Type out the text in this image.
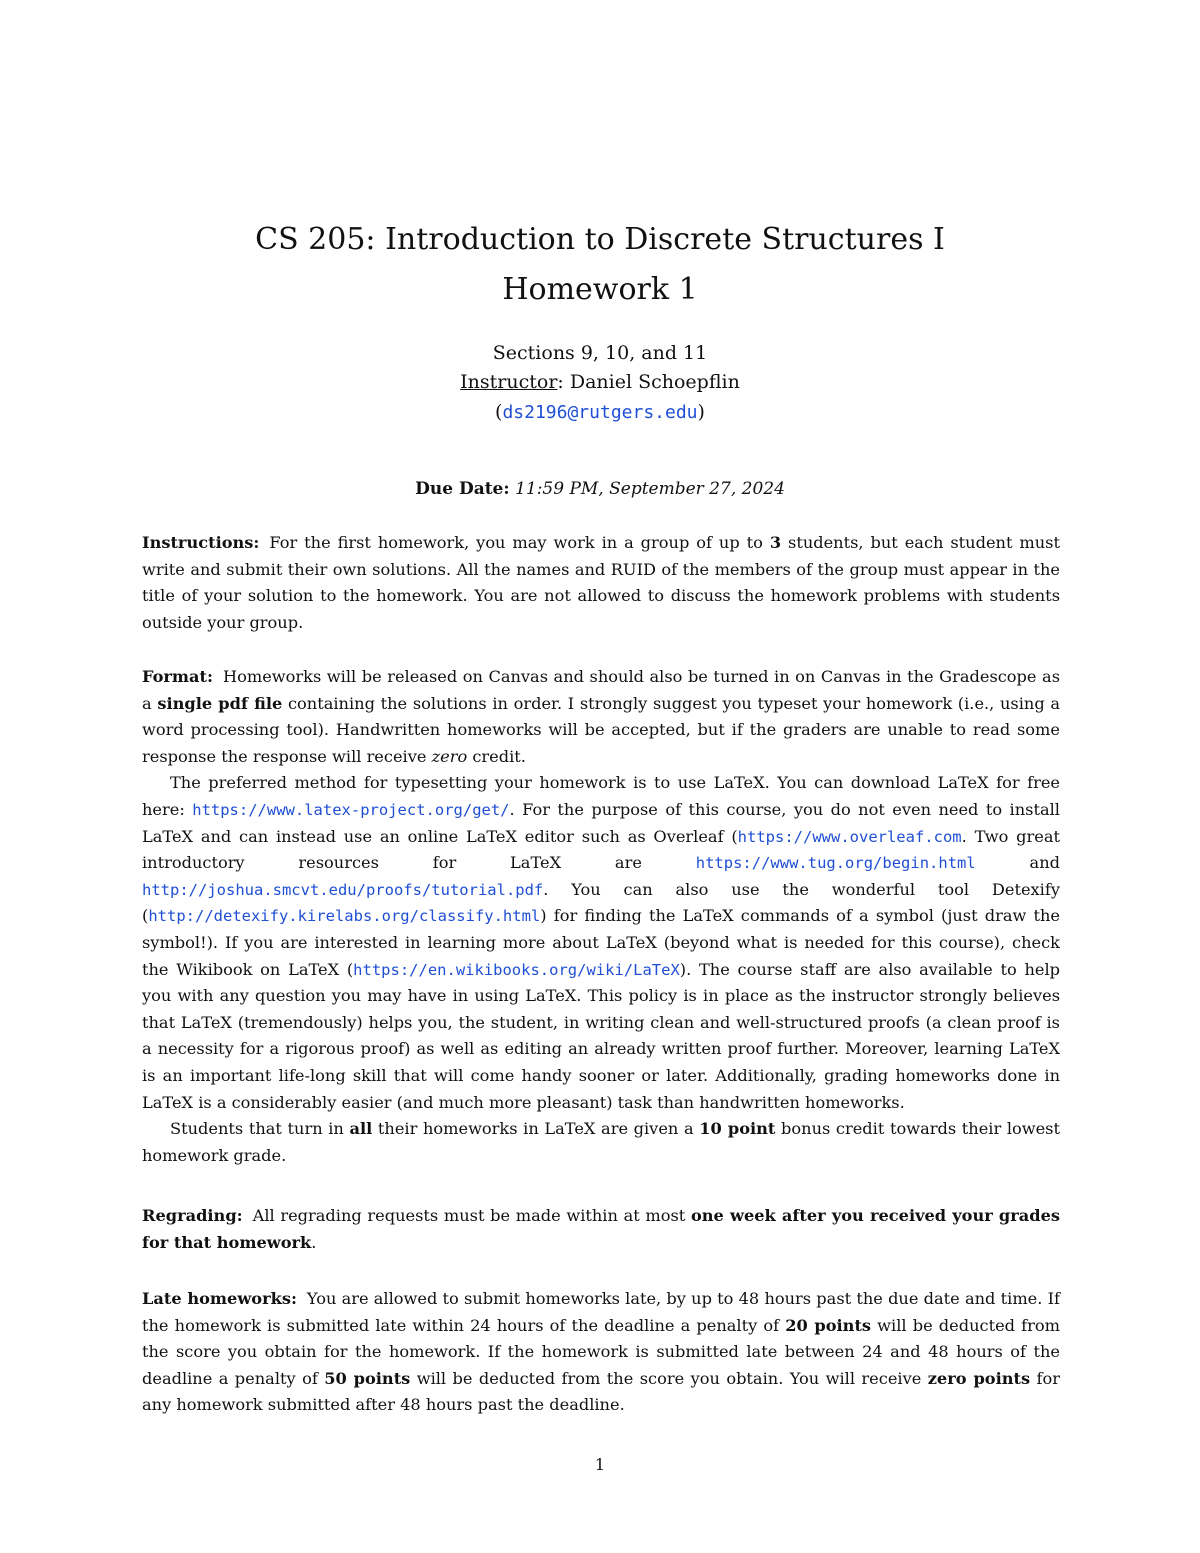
CS 205: Introduction to Discrete Structures I
Homework 1
Sections 9, 10, and 11
Instructor: Daniel Schoepflin
(ds2196@rutgers.edu)
Due Date: 11:59 PM, September 27, 2024

Instructions: For the first homework, you may work in a group of up to 3 students, but each student must write and submit their own solutions. All the names and RUID of the members of the group must appear in the title of your solution to the homework. You are not allowed to discuss the homework problems with students outside your group.

Format: Homeworks will be released on Canvas and should also be turned in on Canvas in the Gradescope as a single pdf file containing the solutions in order. I strongly suggest you typeset your homework (i.e., using a word processing tool). Handwritten homeworks will be accepted, but if the graders are unable to read some response the response will receive zero credit.

The preferred method for typesetting your homework is to use LaTeX. You can download LaTeX for free here: https://www.latex-project.org/get/. For the purpose of this course, you do not even need to install LaTeX and can instead use an online LaTeX editor such as Overleaf (https://www.overleaf.com. Two great introductory resources for LaTeX are https://www.tug.org/begin.html and http://joshua.smcvt.edu/proofs/tutorial.pdf. You can also use the wonderful tool Detexify (http://detexify.kirelabs.org/classify.html) for finding the LaTeX commands of a symbol (just draw the symbol!). If you are interested in learning more about LaTeX (beyond what is needed for this course), check the Wikibook on LaTeX (https://en.wikibooks.org/wiki/LaTeX). The course staff are also available to help you with any question you may have in using LaTeX. This policy is in place as the instructor strongly believes that LaTeX (tremendously) helps you, the student, in writing clean and well-structured proofs (a clean proof is a necessity for a rigorous proof) as well as editing an already written proof further. Moreover, learning LaTeX is an important life-long skill that will come handy sooner or later. Additionally, grading homeworks done in LaTeX is a considerably easier (and much more pleasant) task than handwritten homeworks.

Students that turn in all their homeworks in LaTeX are given a 10 point bonus credit towards their lowest homework grade.

Regrading: All regrading requests must be made within at most one week after you received your grades for that homework.

Late homeworks: You are allowed to submit homeworks late, by up to 48 hours past the due date and time. If the homework is submitted late within 24 hours of the deadline a penalty of 20 points will be deducted from the score you obtain for the homework. If the homework is submitted late between 24 and 48 hours of the deadline a penalty of 50 points will be deducted from the score you obtain. You will receive zero points for any homework submitted after 48 hours past the deadline.

1
